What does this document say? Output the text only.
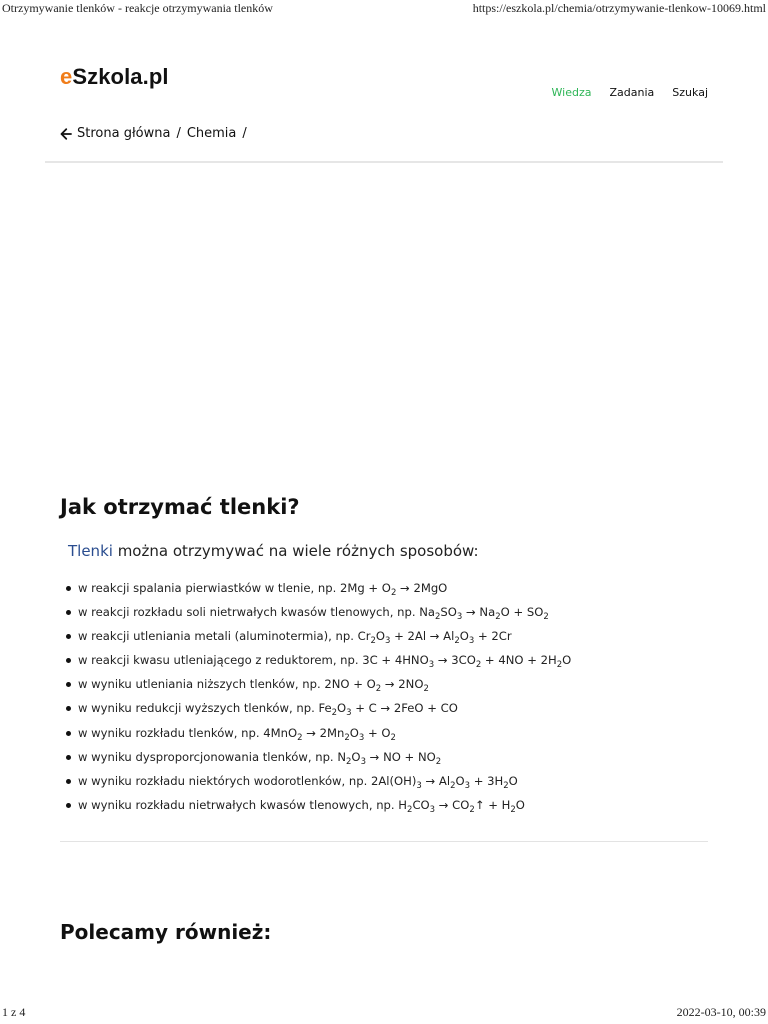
Otrzymywanie tlenków - reakcje otrzymywania tlenków	https://eszkola.pl/chemia/otrzymywanie-tlenkow-10069.html
eSzkola.pl
Wiedza Zadania Szukaj
Strona główna / Chemia /
Jak otrzymać tlenki?

Tlenki można otrzymywać na wiele różnych sposobów:

w reakcji spalania pierwiastków w tlenie, np. $2Mg + O_2 \to 2MgO$
w reakcji rozkładu soli nietrwałych kwasów tlenowych, np. $Na_2SO_3 \to Na_2O + SO_2$
w reakcji utleniania metali (aluminotermia), np. $Cr_2O_3 + 2Al \to Al_2O_3 + 2Cr$
w reakcji kwasu utleniającego z reduktorem, np. $3C + 4HNO_3 \to 3CO_2 + 4NO + 2H_2O$
w wyniku utleniania niższych tlenków, np. $2NO + O_2 \to 2NO_2$
w wyniku redukcji wyższych tlenków, np. $Fe_2O_3 + C \to 2FeO$ + CO
w wyniku rozkładu tlenków, np. $4MnO_2 \to 2Mn_2O_3 + O_2$
w wyniku dysproporcjonowania tlenków, np. $N_2O_3$ → NO + $NO_2$
w wyniku rozkładu niektórych wodorotlenków, np. $2Al(OH)_3 \to Al_2O_3 + 3H_2O$
w wyniku rozkładu nietrwałych kwasów tlenowych, np. $H_2CO_3$ → $CO_2↑ + H_2O$
Polecamy również:
1 z 4	2022-03-10, 00:39
